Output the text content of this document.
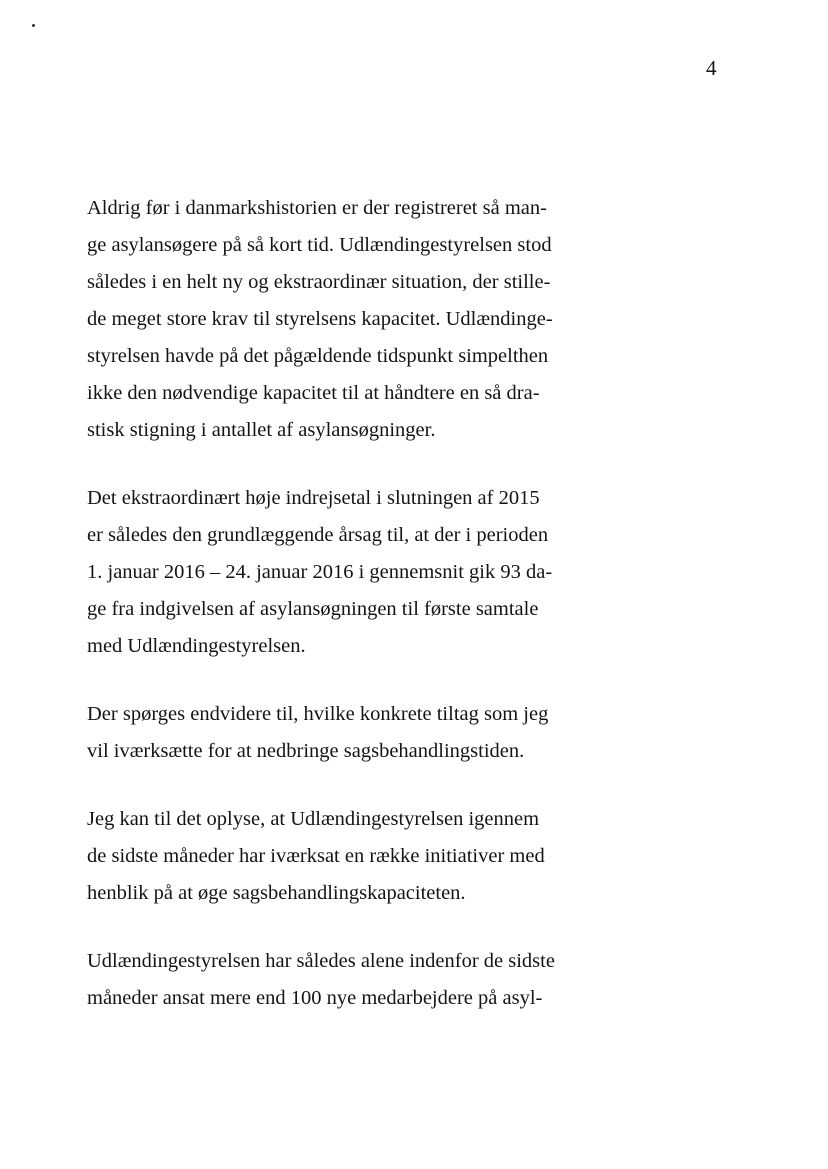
4

Aldrig før i danmarkshistorien er der registreret så man-
ge asylansøgere på så kort tid. Udlændingestyrelsen stod
således i en helt ny og ekstraordinær situation, der stille-
de meget store krav til styrelsens kapacitet. Udlændinge-
styrelsen havde på det pågældende tidspunkt simpelthen
ikke den nødvendige kapacitet til at håndtere en så dra-
stisk stigning i antallet af asylansøgninger.

Det ekstraordinært høje indrejsetal i slutningen af 2015
er således den grundlæggende årsag til, at der i perioden
1. januar 2016 – 24. januar 2016 i gennemsnit gik 93 da-
ge fra indgivelsen af asylansøgningen til første samtale
med Udlændingestyrelsen.

Der spørges endvidere til, hvilke konkrete tiltag som jeg
vil iværksætte for at nedbringe sagsbehandlingstiden.

Jeg kan til det oplyse, at Udlændingestyrelsen igennem
de sidste måneder har iværksat en række initiativer med
henblik på at øge sagsbehandlingskapaciteten.

Udlændingestyrelsen har således alene indenfor de sidste
måneder ansat mere end 100 nye medarbejdere på asyl-
